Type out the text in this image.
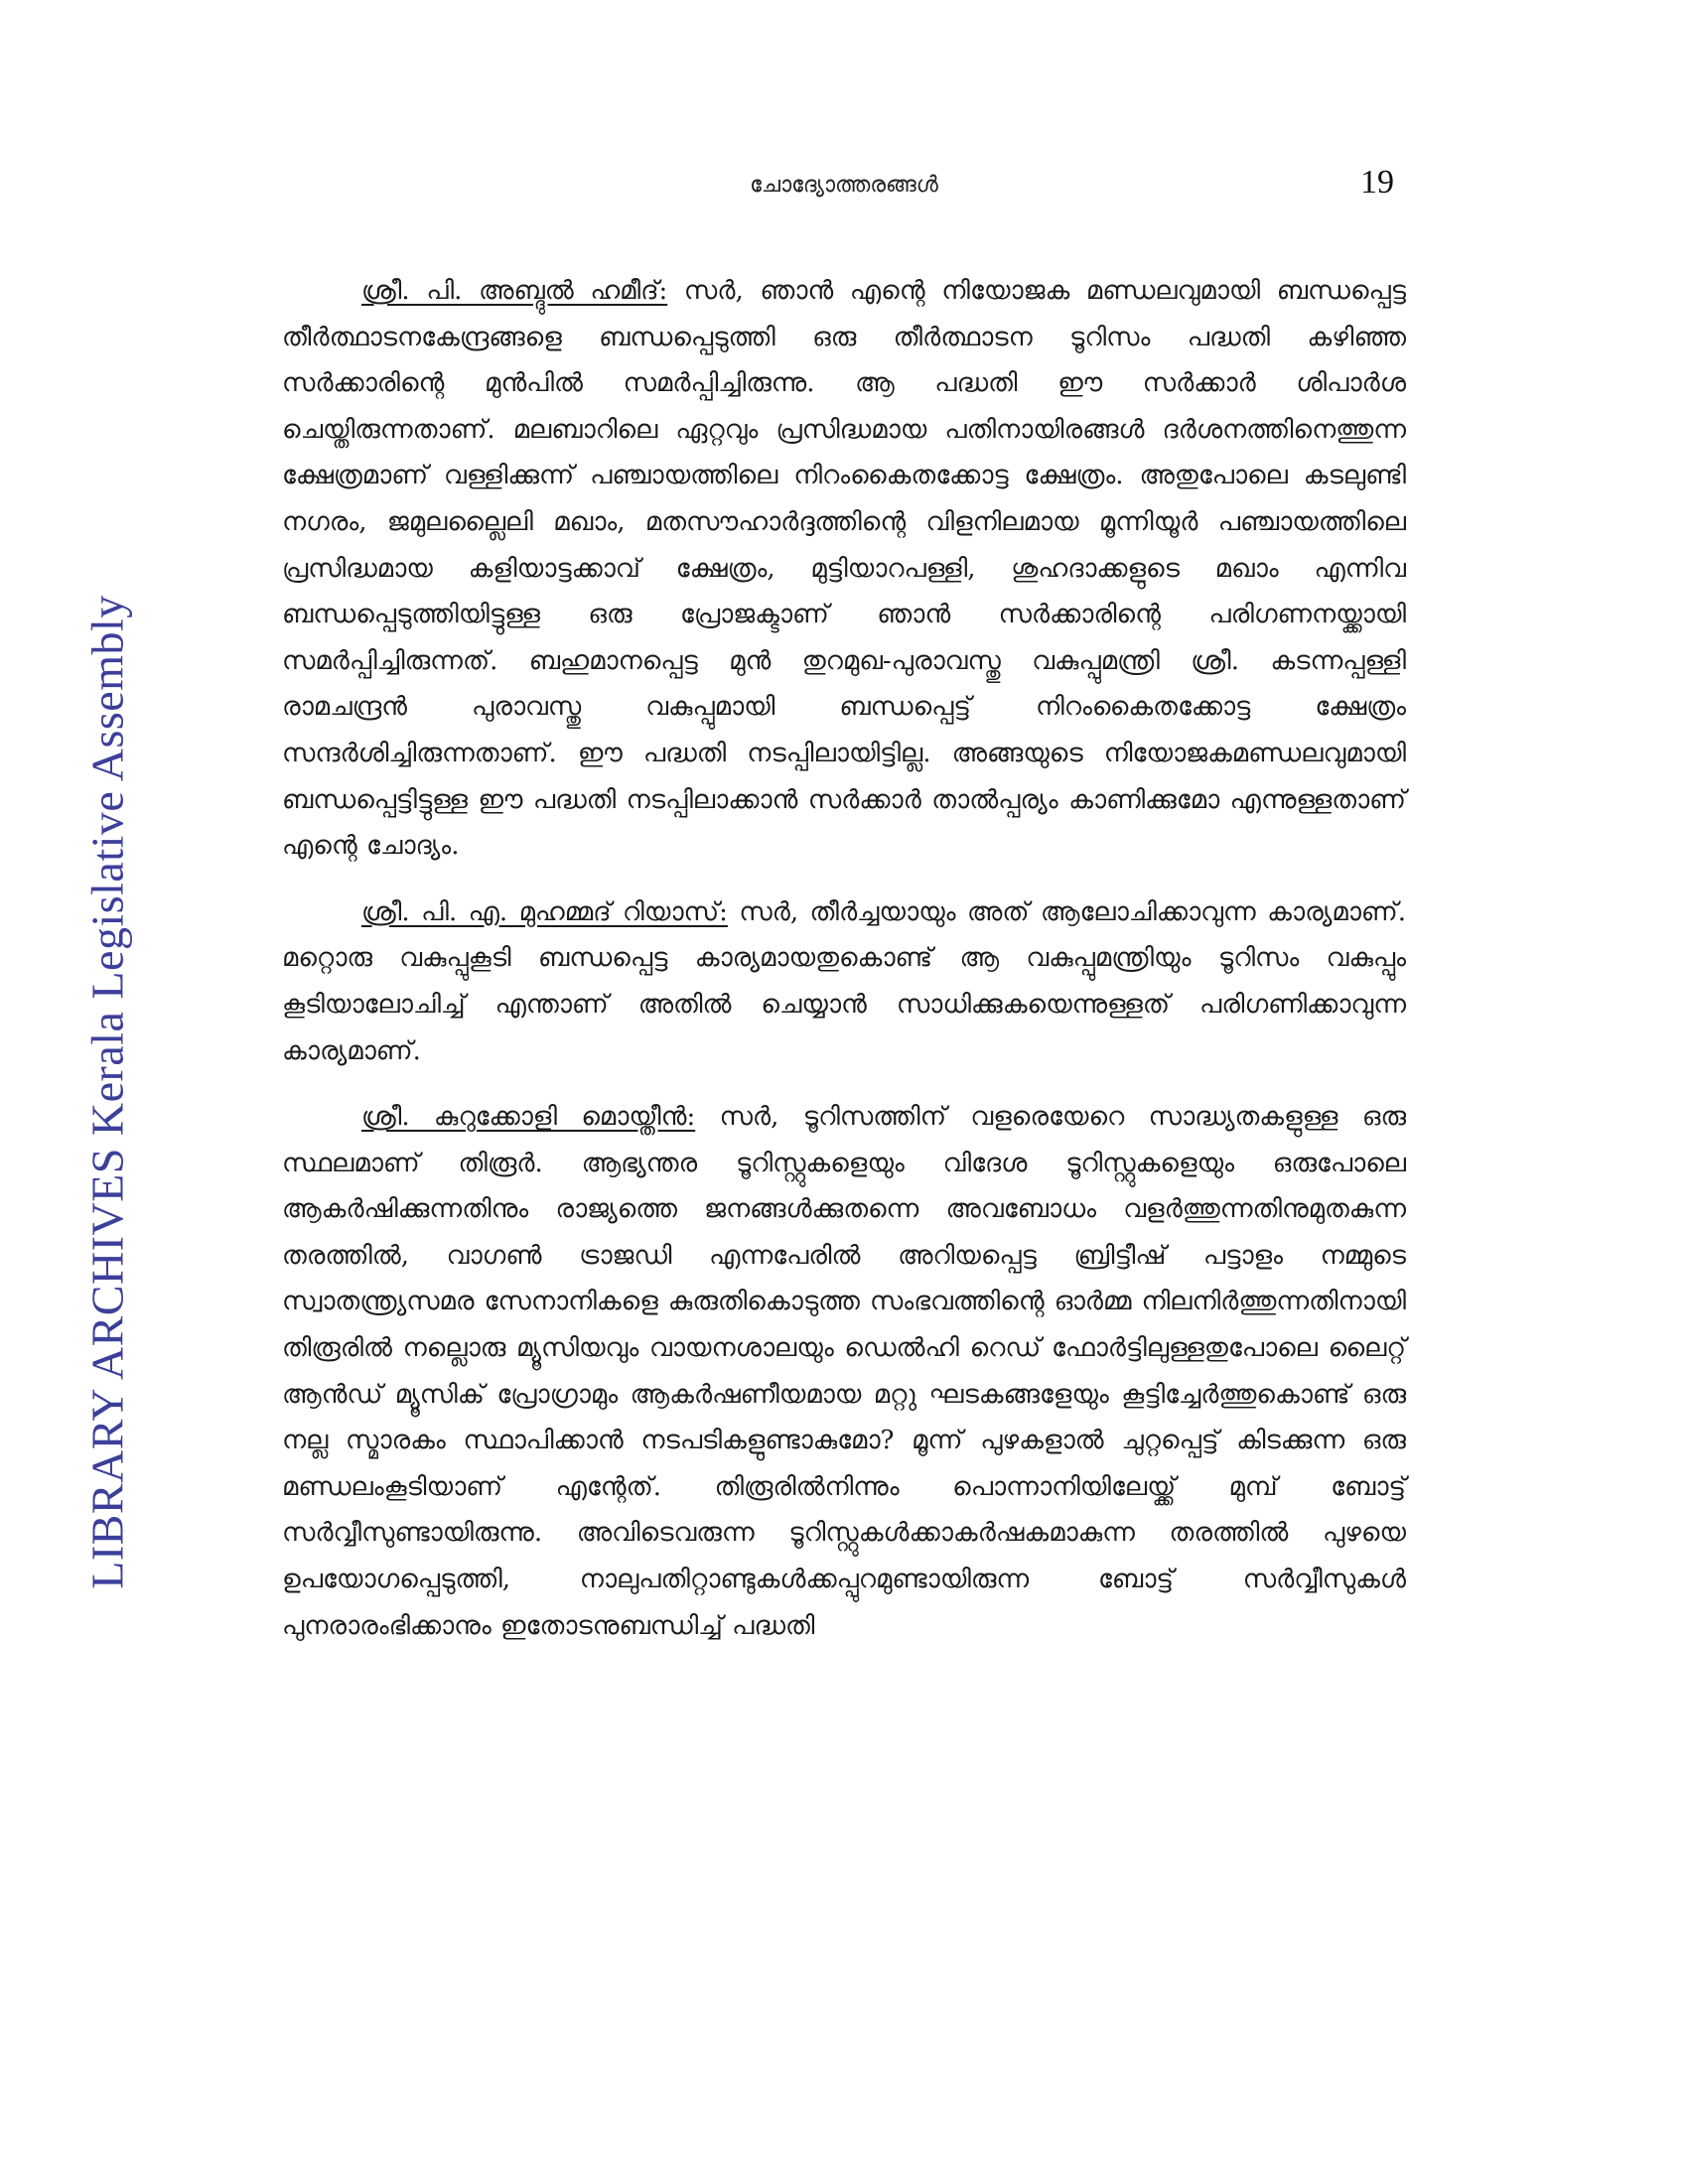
LIBRARY ARCHIVES Kerala Legislative Assembly
ചോദ്യോത്തരങ്ങൾ	19

ശ്രീ. പി. അബ്ദുൽ ഹമീദ്: സർ, ഞാൻ എന്റെ നിയോജക മണ്ഡലവുമായി ബന്ധപ്പെട്ട തീർത്ഥാടനകേന്ദ്രങ്ങളെ ബന്ധപ്പെടുത്തി ഒരു തീർത്ഥാടന ടൂറിസം പദ്ധതി കഴിഞ്ഞ സർക്കാരിന്റെ മുൻപിൽ സമർപ്പിച്ചിരുന്നു. ആ പദ്ധതി ഈ സർക്കാർ ശിപാർശ ചെയ്തിരുന്നതാണ്. മലബാറിലെ ഏറ്റവും പ്രസിദ്ധമായ പതിനായിരങ്ങൾ ദർശനത്തിനെത്തുന്ന ക്ഷേത്രമാണ് വള്ളിക്കുന്ന് പഞ്ചായത്തിലെ നിറംകൈതക്കോട്ട ക്ഷേത്രം. അതുപോലെ കടലുണ്ടി നഗരം, ജമുലല്ലൈലി മഖാം, മതസൗഹാർദ്ദത്തിന്റെ വിളനിലമായ മൂന്നിയൂർ പഞ്ചായത്തിലെ പ്രസിദ്ധമായ കളിയാട്ടക്കാവ് ക്ഷേത്രം, മുട്ടിയാറപള്ളി, ശുഹദാക്കളുടെ മഖാം എന്നിവ ബന്ധപ്പെടുത്തിയിട്ടുള്ള ഒരു പ്രോജക്ടാണ് ഞാൻ സർക്കാരിന്റെ പരിഗണനയ്ക്കായി സമർപ്പിച്ചിരുന്നത്. ബഹുമാനപ്പെട്ട മുൻ തുറമുഖ-പുരാവസ്തു വകുപ്പുമന്ത്രി ശ്രീ. കടന്നപ്പള്ളി രാമചന്ദ്രൻ പുരാവസ്തു വകുപ്പുമായി ബന്ധപ്പെട്ട് നിറംകൈതക്കോട്ട ക്ഷേത്രം സന്ദർശിച്ചിരുന്നതാണ്. ഈ പദ്ധതി നടപ്പിലായിട്ടില്ല. അങ്ങയുടെ നിയോജകമണ്ഡലവുമായി ബന്ധപ്പെട്ടിട്ടുള്ള ഈ പദ്ധതി നടപ്പിലാക്കാൻ സർക്കാർ താൽപ്പര്യം കാണിക്കുമോ എന്നുള്ളതാണ് എന്റെ ചോദ്യം.

ശ്രീ. പി. എ. മുഹമ്മദ് റിയാസ്: സർ, തീർച്ചയായും അത് ആലോചിക്കാവുന്ന കാര്യമാണ്. മറ്റൊരു വകുപ്പുകൂടി ബന്ധപ്പെട്ട കാര്യമായതുകൊണ്ട് ആ വകുപ്പുമന്ത്രിയും ടൂറിസം വകുപ്പും കൂടിയാലോചിച്ച് എന്താണ് അതിൽ ചെയ്യാൻ സാധിക്കുകയെന്നുള്ളത് പരിഗണിക്കാവുന്ന കാര്യമാണ്.

ശ്രീ. കുറുക്കോളി മൊയ്തീൻ: സർ, ടൂറിസത്തിന് വളരെയേറെ സാദ്ധ്യതകളുള്ള ഒരു സ്ഥലമാണ് തിരൂർ. ആഭ്യന്തര ടൂറിസ്റ്റുകളെയും വിദേശ ടൂറിസ്റ്റുകളെയും ഒരുപോലെ ആകർഷിക്കുന്നതിനും രാജ്യത്തെ ജനങ്ങൾക്കുതന്നെ അവബോധം വളർത്തുന്നതിനുമുതകുന്ന തരത്തിൽ, വാഗൺ ട്രാജഡി എന്നപേരിൽ അറിയപ്പെട്ട ബ്രിട്ടീഷ് പട്ടാളം നമ്മുടെ സ്വാതന്ത്ര്യസമര സേനാനികളെ കുരുതികൊടുത്ത സംഭവത്തിന്റെ ഓർമ്മ നിലനിർത്തുന്നതിനായി തിരൂരിൽ നല്ലൊരു മ്യൂസിയവും വായനശാലയും ഡെൽഹി റെഡ് ഫോർട്ടിലുള്ളതുപോലെ ലൈറ്റ് ആൻഡ് മ്യൂസിക് പ്രോഗ്രാമും ആകർഷണീയമായ മറ്റു ഘടകങ്ങളേയും കൂട്ടിച്ചേർത്തുകൊണ്ട് ഒരു നല്ല സ്മാരകം സ്ഥാപിക്കാൻ നടപടികളുണ്ടാകുമോ? മൂന്ന് പുഴകളാൽ ചുറ്റപ്പെട്ട് കിടക്കുന്ന ഒരു മണ്ഡലംകൂടിയാണ് എന്റേത്. തിരൂരിൽനിന്നും പൊന്നാനിയിലേയ്ക്ക് മുമ്പ് ബോട്ട് സർവ്വീസുണ്ടായിരുന്നു. അവിടെവരുന്ന ടൂറിസ്റ്റുകൾക്കാകർഷകമാകുന്ന തരത്തിൽ പുഴയെ ഉപയോഗപ്പെടുത്തി, നാലുപതിറ്റാണ്ടുകൾക്കപ്പുറമുണ്ടായിരുന്ന ബോട്ട് സർവ്വീസുകൾ പുനരാരംഭിക്കാനും ഇതോടനുബന്ധിച്ച് പദ്ധതി
